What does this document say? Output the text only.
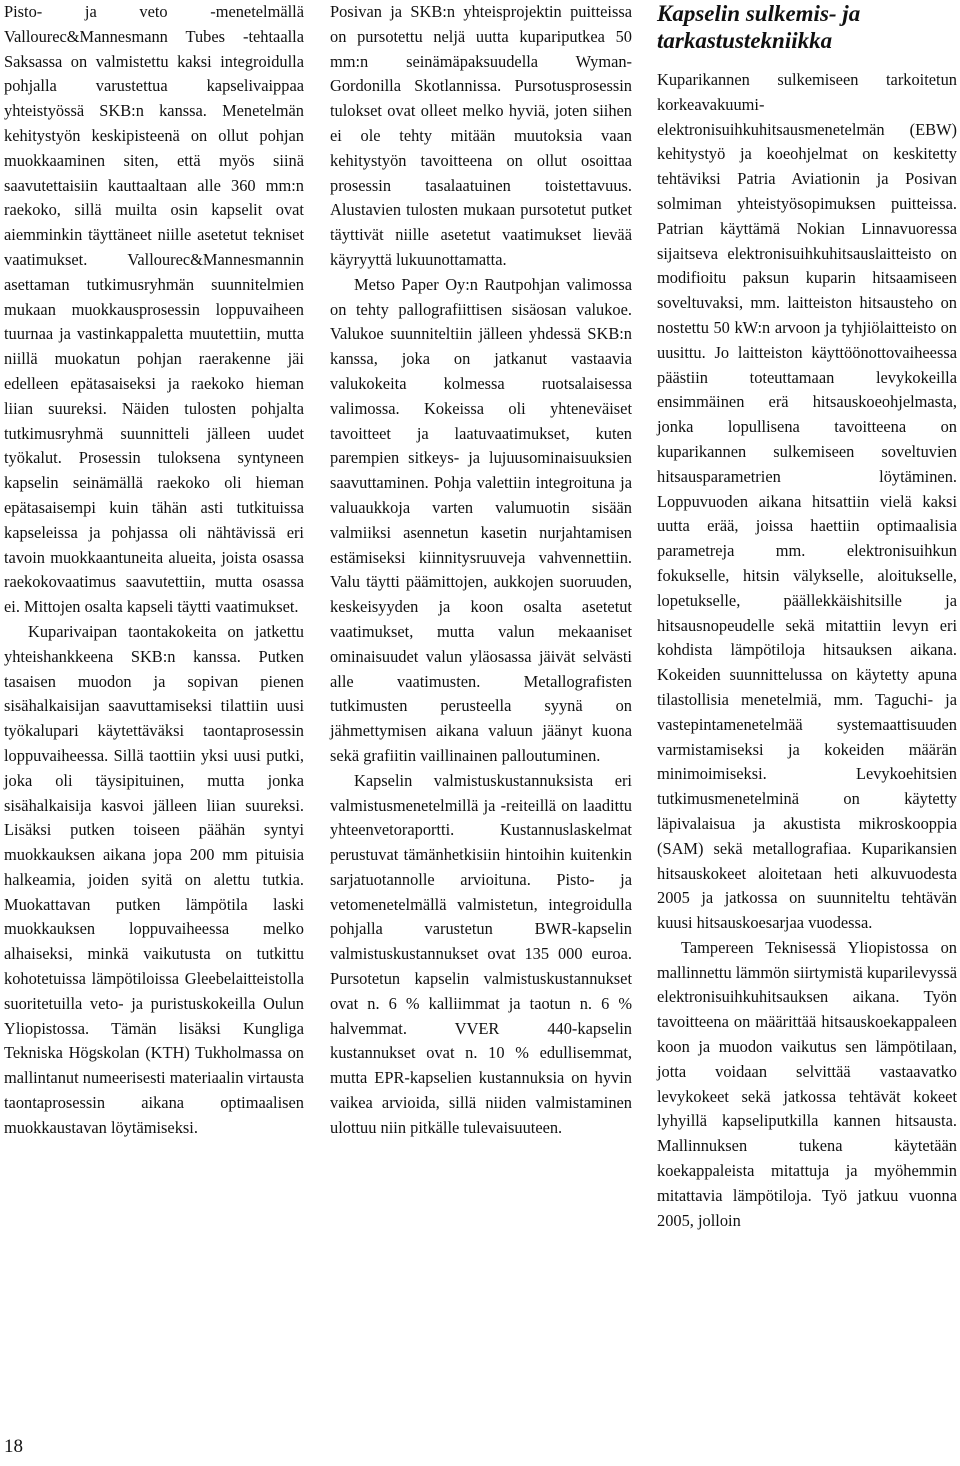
Pisto- ja veto -menetelmällä Vallourec&Mannesmann Tubes -tehtaalla Saksassa on valmistettu kaksi integroidulla pohjalla varustettua kapselivaippaa yhteistyössä SKB:n kanssa. Menetelmän kehitystyön keskipisteenä on ollut pohjan muokkaaminen siten, että myös siinä saavutettaisiin kauttaaltaan alle 360 mm:n raekoko, sillä muilta osin kapselit ovat aiemminkin täyttäneet niille asetetut tekniset vaatimukset. Vallourec&Mannesmannin asettaman tutkimusryhmän suunnitelmien mukaan muokkausprosessin loppuvaiheen tuurnaa ja vastinkappaletta muutettiin, mutta niillä muokatun pohjan raerakenne jäi edelleen epätasaiseksi ja raekoko hieman liian suureksi. Näiden tulosten pohjalta tutkimusryhmä suunnitteli jälleen uudet työkalut. Prosessin tuloksena syntyneen kapselin seinämällä raekoko oli hieman epätasaisempi kuin tähän asti tutkituissa kapseleissa ja pohjassa oli nähtävissä eri tavoin muokkaantuneita alueita, joista osassa raekokovaatimus saavutettiin, mutta osassa ei. Mittojen osalta kapseli täytti vaatimukset.

Kuparivaipan taontakokeita on jatkettu yhteishankkeena SKB:n kanssa. Putken tasaisen muodon ja sopivan pienen sisähalkaisijan saavuttamiseksi tilattiin uusi työkalupari käytettäväksi taontaprosessin loppuvaiheessa. Sillä taottiin yksi uusi putki, joka oli täysipituinen, mutta jonka sisähalkaisija kasvoi jälleen liian suureksi. Lisäksi putken toiseen päähän syntyi muokkauksen aikana jopa 200 mm pituisia halkeamia, joiden syitä on alettu tutkia. Muokattavan putken lämpötila laski muokkauksen loppuvaiheessa melko alhaiseksi, minkä vaikutusta on tutkittu kohotetuissa lämpötiloissa Gleebelaitteistolla suoritetuilla veto- ja puristuskokeilla Oulun Yliopistossa. Tämän lisäksi Kungliga Tekniska Högskolan (KTH) Tukholmassa on mallintanut numeerisesti materiaalin virtausta taontaprosessin aikana optimaalisen muokkaustavan löytämiseksi.

Posivan ja SKB:n yhteisprojektin puitteissa on pursotettu neljä uutta kupariputkea 50 mm:n seinämäpaksuudella Wyman-Gordonilla Skotlannissa. Pursotusprosessin tulokset ovat olleet melko hyviä, joten siihen ei ole tehty mitään muutoksia vaan kehitystyön tavoitteena on ollut osoittaa prosessin tasalaatuinen toistettavuus. Alustavien tulosten mukaan pursotetut putket täyttivät niille asetetut vaatimukset lievää käyryyttä lukuunottamatta.

Metso Paper Oy:n Rautpohjan valimossa on tehty pallografiittisen sisäosan valukoe. Valukoe suunniteltiin jälleen yhdessä SKB:n kanssa, joka on jatkanut vastaavia valukokeita kolmessa ruotsalaisessa valimossa. Kokeissa oli yhteneväiset tavoitteet ja laatuvaatimukset, kuten parempien sitkeys- ja lujuusominaisuuksien saavuttaminen. Pohja valettiin integroituna ja valuaukkoja varten valumuotin sisään valmiiksi asennetun kasetin nurjahtamisen estämiseksi kiinnitysruuveja vahvennettiin. Valu täytti päämittojen, aukkojen suoruuden, keskeisyyden ja koon osalta asetetut vaatimukset, mutta valun mekaaniset ominaisuudet valun yläosassa jäivät selvästi alle vaatimusten. Metallografisten tutkimusten perusteella syynä on jähmettymisen aikana valuun jäänyt kuona sekä grafiitin vaillinainen palloutuminen.

Kapselin valmistuskustannuksista eri valmistusmenetelmillä ja -reiteillä on laadittu yhteenvetoraportti. Kustannuslaskelmat perustuvat tämänhetkisiin hintoihin kuitenkin sarjatuotannolle arvioituna. Pisto- ja vetomenetelmällä valmistetun, integroidulla pohjalla varustetun BWR-kapselin valmistuskustannukset ovat 135 000 euroa. Pursotetun kapselin valmistuskustannukset ovat n. 6 % kalliimmat ja taotun n. 6 % halvemmat. VVER 440-kapselin kustannukset ovat n. 10 % edullisemmat, mutta EPR-kapselien kustannuksia on hyvin vaikea arvioida, sillä niiden valmistaminen ulottuu niin pitkälle tulevaisuuteen.

Kapselin sulkemis- ja tarkastustekniikka

Kuparikannen sulkemiseen tarkoitetun korkeavakuumi-elektronisuihkuhitsausmenetelmän (EBW) kehitystyö ja koeohjelmat on keskitetty tehtäviksi Patria Aviationin ja Posivan solmiman yhteistyösopimuksen puitteissa. Patrian käyttämä Nokian Linnavuoressa sijaitseva elektronisuihkuhitsauslaitteisto on modifioitu paksun kuparin hitsaamiseen soveltuvaksi, mm. laitteiston hitsausteho on nostettu 50 kW:n arvoon ja tyhjiölaitteisto on uusittu. Jo laitteiston käyttöönottovaiheessa päästiin toteuttamaan levykokeilla ensimmäinen erä hitsauskoeohjelmasta, jonka lopullisena tavoitteena on kuparikannen sulkemiseen soveltuvien hitsausparametrien löytäminen. Loppuvuoden aikana hitsattiin vielä kaksi uutta erää, joissa haettiin optimaalisia parametreja mm. elektronisuihkun fokukselle, hitsin välykselle, aloitukselle, lopetukselle, päällekkäishitsille ja hitsausnopeudelle sekä mitattiin levyn eri kohdista lämpötiloja hitsauksen aikana. Kokeiden suunnittelussa on käytetty apuna tilastollisia menetelmiä, mm. Taguchi- ja vastepintamenetelmää systemaattisuuden varmistamiseksi ja kokeiden määrän minimoimiseksi. Levykoehitsien tutkimusmenetelminä on käytetty läpivalaisua ja akustista mikroskooppia (SAM) sekä metallografiaa. Kuparikansien hitsauskokeet aloitetaan heti alkuvuodesta 2005 ja jatkossa on suunniteltu tehtävän kuusi hitsauskoesarjaa vuodessa.

Tampereen Teknisessä Yliopistossa on mallinnettu lämmön siirtymistä kuparilevyssä elektronisuihkuhitsauksen aikana. Työn tavoitteena on määrittää hitsauskoekappaleen koon ja muodon vaikutus sen lämpötilaan, jotta voidaan selvittää vastaavatko levykokeet sekä jatkossa tehtävät kokeet lyhyillä kapseliputkilla kannen hitsausta. Mallinnuksen tukena käytetään koekappaleista mitattuja ja myöhemmin mitattavia lämpötiloja. Työ jatkuu vuonna 2005, jolloin

18
